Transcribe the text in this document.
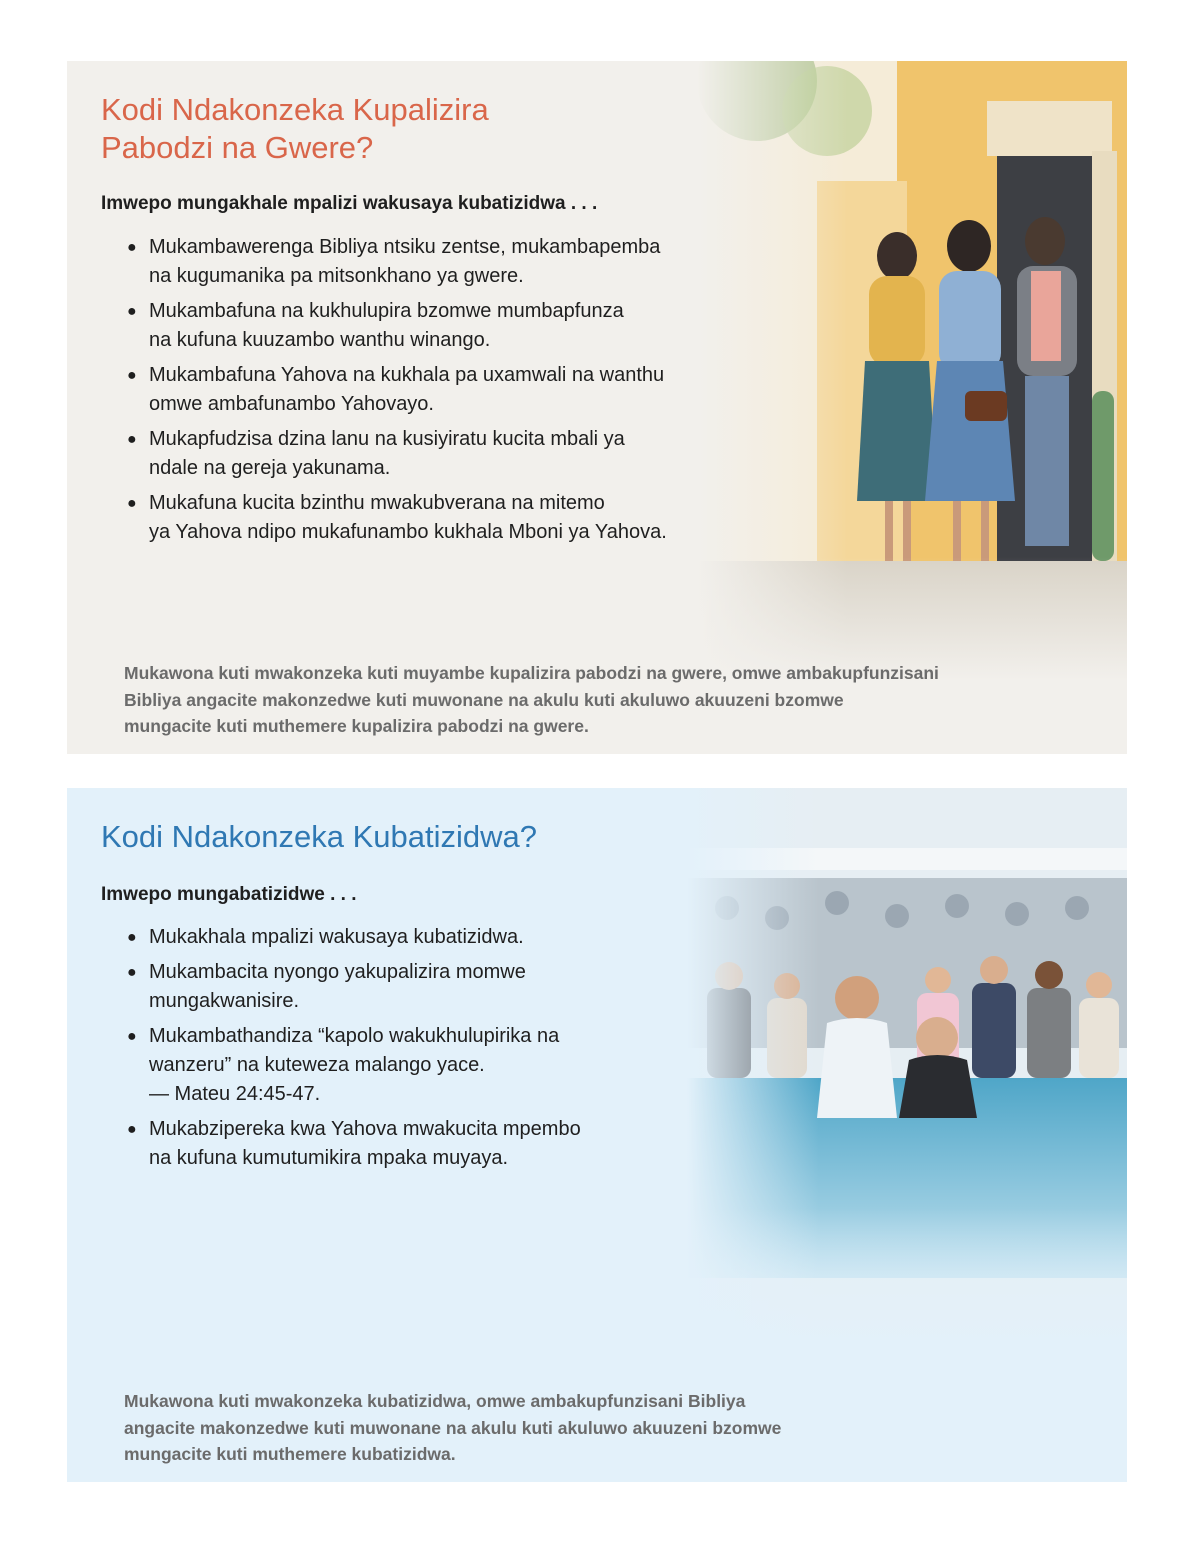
Kodi Ndakonzeka Kupalizira
Pabodzi na Gwere?

Imwepo mungakhale mpalizi wakusaya kubatizidwa . . .

● Mukambawerenga Bibliya ntsiku zentse, mukambapemba
na kugumanika pa mitsonkhano ya gwere.
● Mukambafuna na kukhulupira bzomwe mumbapfunza
na kufuna kuuzambo wanthu winango.
● Mukambafuna Yahova na kukhala pa uxamwali na wanthu
omwe ambafunambo Yahovayo.
● Mukapfudzisa dzina lanu na kusiyiratu kucita mbali ya
ndale na gereja yakunama.
● Mukafuna kucita bzinthu mwakubverana na mitemo
ya Yahova ndipo mukafunambo kukhala Mboni ya Yahova.

Mukawona kuti mwakonzeka kuti muyambe kupalizira pabodzi na gwere, omwe ambakupfunzisani
Bibliya angacite makonzedwe kuti muwonane na akulu kuti akuluwo akuuzeni bzomwe
mungacite kuti muthemere kupalizira pabodzi na gwere.

Kodi Ndakonzeka Kubatizidwa?

Imwepo mungabatizidwe . . .

● Mukakhala mpalizi wakusaya kubatizidwa.
● Mukambacita nyongo yakupalizira momwe
mungakwanisire.
● Mukambathandiza “kapolo wakukhulupirika na
wanzeru” na kuteweza malango yace.
— Mateu 24:45-47.
● Mukabzipereka kwa Yahova mwakucita mpembo
na kufuna kumutumikira mpaka muyaya.

Mukawona kuti mwakonzeka kubatizidwa, omwe ambakupfunzisani Bibliya
angacite makonzedwe kuti muwonane na akulu kuti akuluwo akuuzeni bzomwe
mungacite kuti muthemere kubatizidwa.
